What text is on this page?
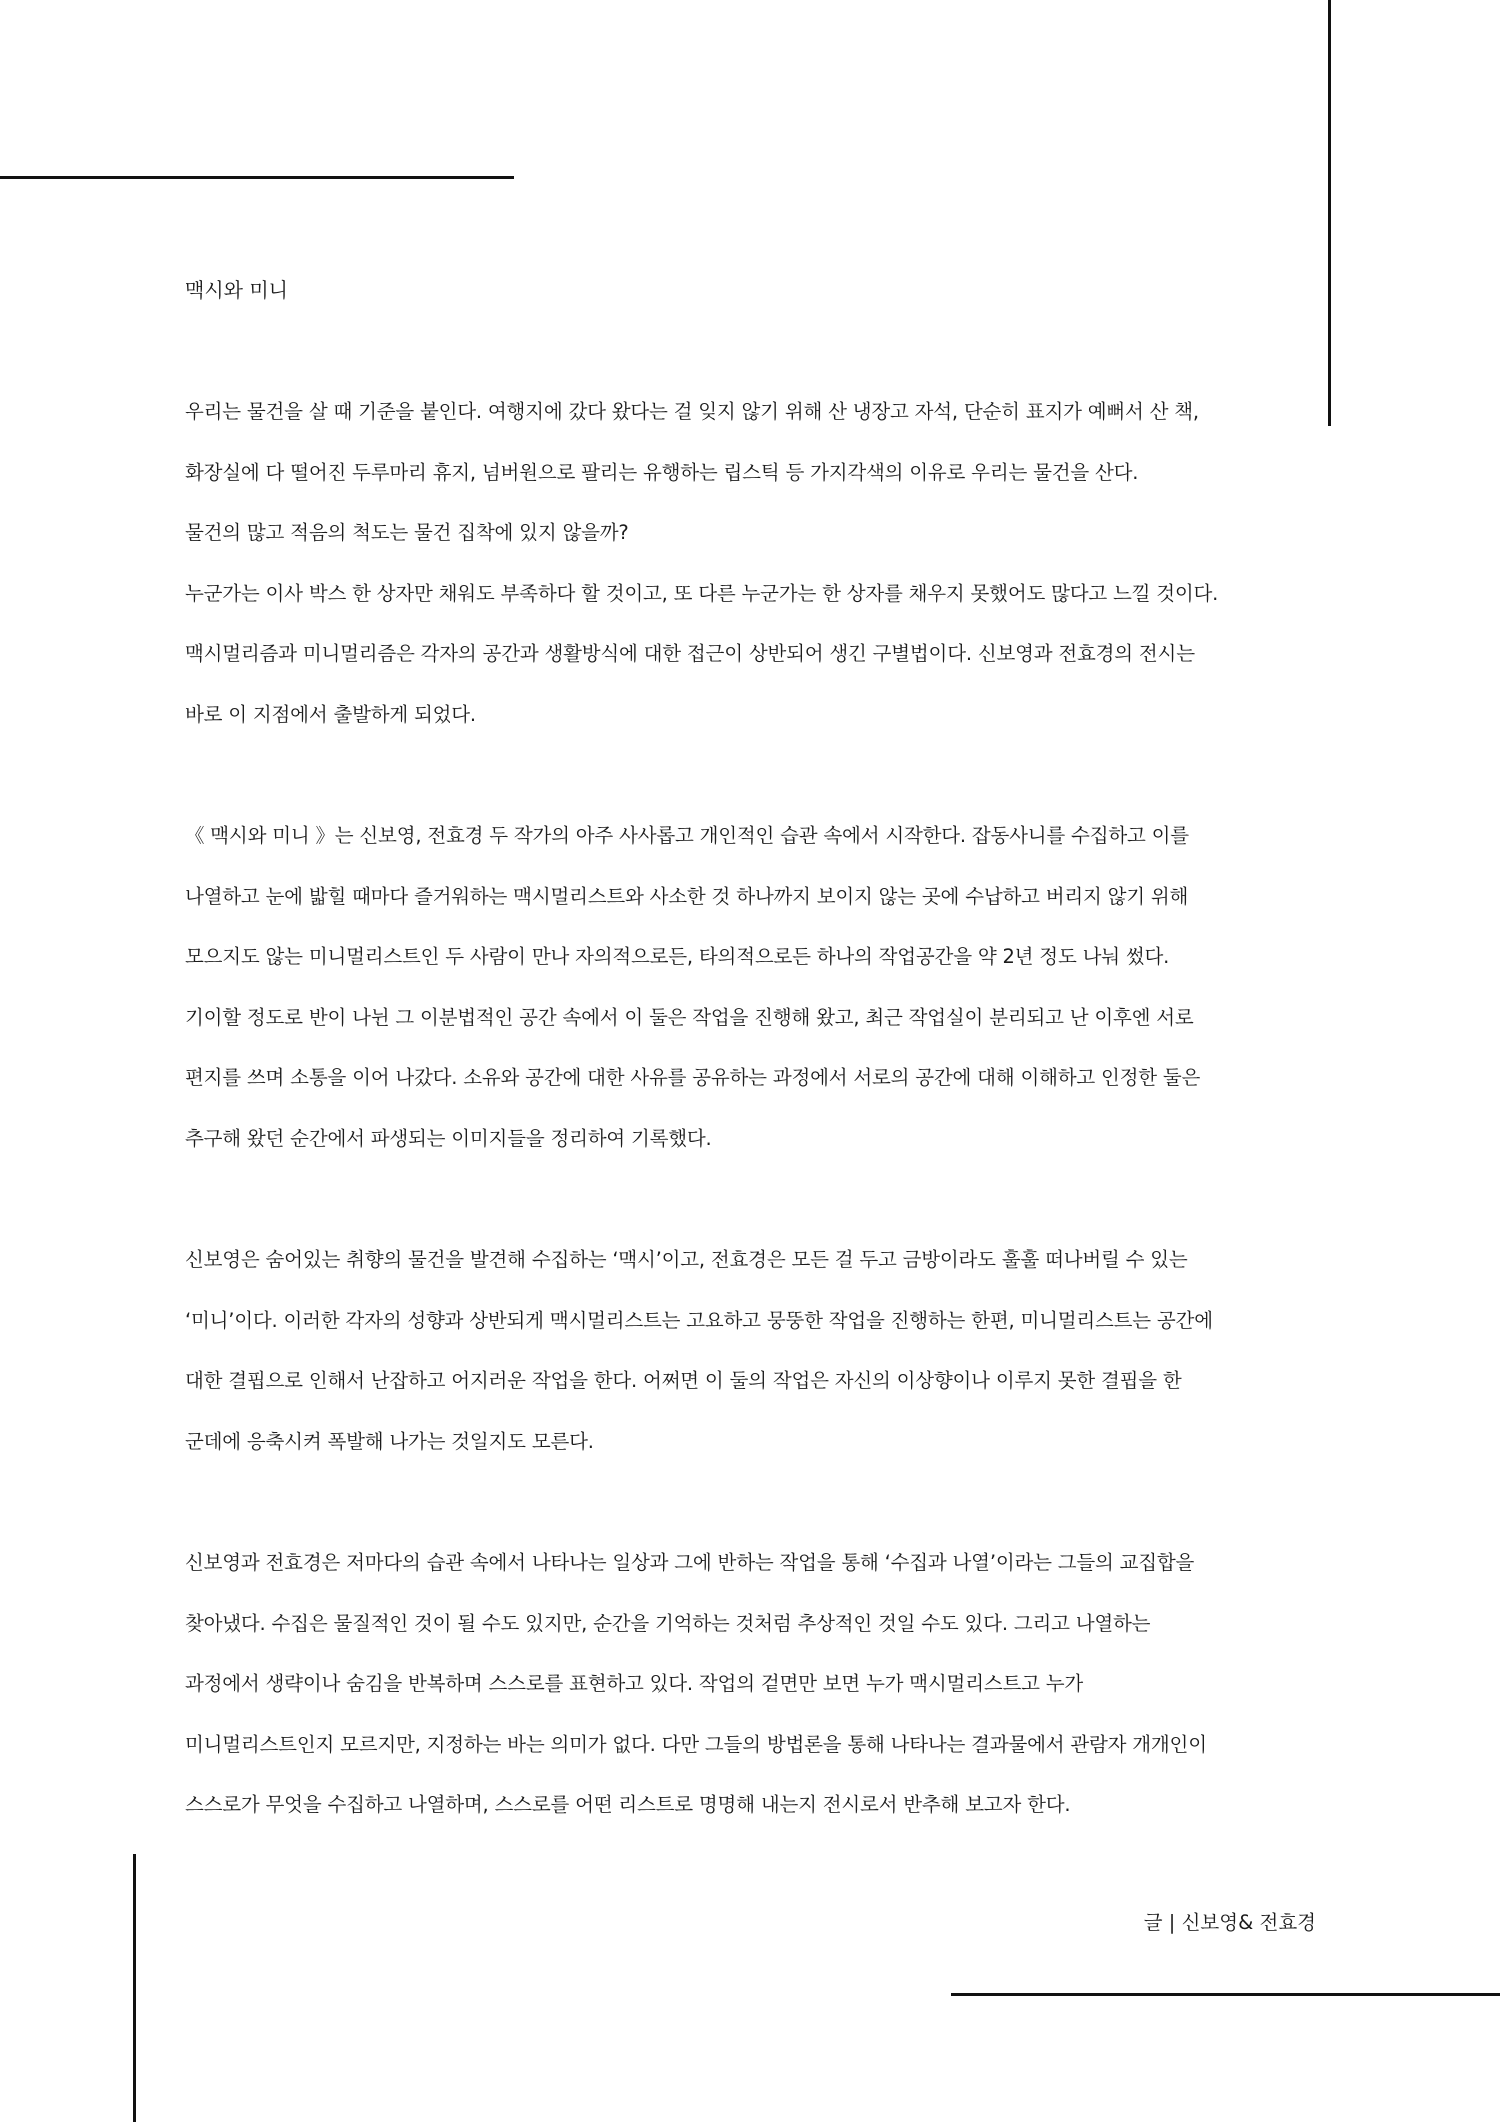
맥시와 미니
우리는 물건을 살 때 기준을 붙인다. 여행지에 갔다 왔다는 걸 잊지 않기 위해 산 냉장고 자석, 단순히 표지가 예뻐서 산 책,
화장실에 다 떨어진 두루마리 휴지, 넘버원으로 팔리는 유행하는 립스틱 등 가지각색의 이유로 우리는 물건을 산다.
물건의 많고 적음의 척도는 물건 집착에 있지 않을까?
누군가는 이사 박스 한 상자만 채워도 부족하다 할 것이고, 또 다른 누군가는 한 상자를 채우지 못했어도 많다고 느낄 것이다.
맥시멀리즘과 미니멀리즘은 각자의 공간과 생활방식에 대한 접근이 상반되어 생긴 구별법이다. 신보영과 전효경의 전시는
바로 이 지점에서 출발하게 되었다.
《 맥시와 미니 》는 신보영, 전효경 두 작가의 아주 사사롭고 개인적인 습관 속에서 시작한다. 잡동사니를 수집하고 이를
나열하고 눈에 밟힐 때마다 즐거워하는 맥시멀리스트와 사소한 것 하나까지 보이지 않는 곳에 수납하고 버리지 않기 위해
모으지도 않는 미니멀리스트인 두 사람이 만나 자의적으로든, 타의적으로든 하나의 작업공간을 약 2년 정도 나눠 썼다.
기이할 정도로 반이 나뉜 그 이분법적인 공간 속에서 이 둘은 작업을 진행해 왔고, 최근 작업실이 분리되고 난 이후엔 서로
편지를 쓰며 소통을 이어 나갔다. 소유와 공간에 대한 사유를 공유하는 과정에서 서로의 공간에 대해 이해하고 인정한 둘은
추구해 왔던 순간에서 파생되는 이미지들을 정리하여 기록했다.
신보영은 숨어있는 취향의 물건을 발견해 수집하는 ‘맥시’이고, 전효경은 모든 걸 두고 금방이라도 훌훌 떠나버릴 수 있는
‘미니’이다. 이러한 각자의 성향과 상반되게 맥시멀리스트는 고요하고 뭉뚱한 작업을 진행하는 한편, 미니멀리스트는 공간에
대한 결핍으로 인해서 난잡하고 어지러운 작업을 한다. 어쩌면 이 둘의 작업은 자신의 이상향이나 이루지 못한 결핍을 한
군데에 응축시켜 폭발해 나가는 것일지도 모른다.
신보영과 전효경은 저마다의 습관 속에서 나타나는 일상과 그에 반하는 작업을 통해 ‘수집과 나열’이라는 그들의 교집합을
찾아냈다. 수집은 물질적인 것이 될 수도 있지만, 순간을 기억하는 것처럼 추상적인 것일 수도 있다. 그리고 나열하는
과정에서 생략이나 숨김을 반복하며 스스로를 표현하고 있다. 작업의 겉면만 보면 누가 맥시멀리스트고 누가
미니멀리스트인지 모르지만, 지정하는 바는 의미가 없다. 다만 그들의 방법론을 통해 나타나는 결과물에서 관람자 개개인이
스스로가 무엇을 수집하고 나열하며, 스스로를 어떤 리스트로 명명해 내는지 전시로서 반추해 보고자 한다.
글 | 신보영& 전효경
